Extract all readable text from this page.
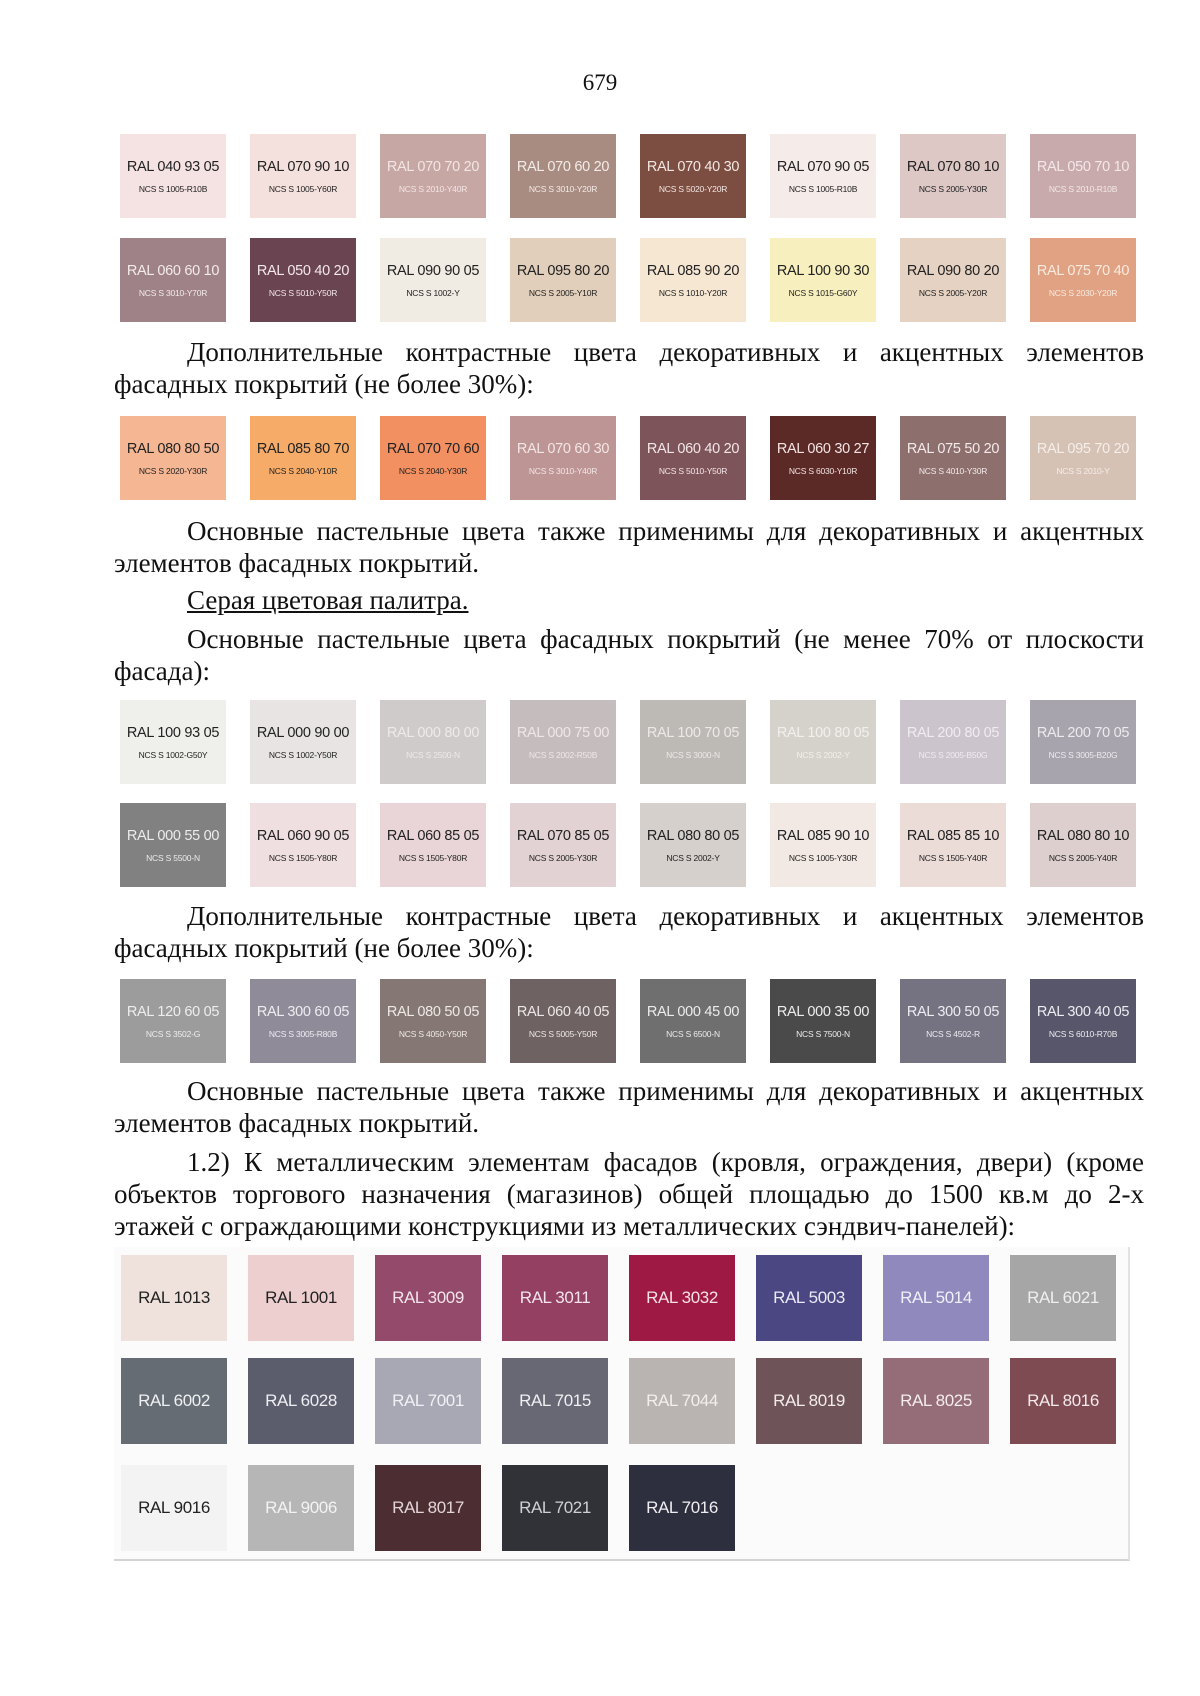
679
RAL 040 93 05
NCS S 1005-R10B
RAL 070 90 10
NCS S 1005-Y60R
RAL 070 70 20
NCS S 2010-Y40R
RAL 070 60 20
NCS S 3010-Y20R
RAL 070 40 30
NCS S 5020-Y20R
RAL 070 90 05
NCS S 1005-R10B
RAL 070 80 10
NCS S 2005-Y30R
RAL 050 70 10
NCS S 2010-R10B
RAL 060 60 10
NCS S 3010-Y70R
RAL 050 40 20
NCS S 5010-Y50R
RAL 090 90 05
NCS S 1002-Y
RAL 095 80 20
NCS S 2005-Y10R
RAL 085 90 20
NCS S 1010-Y20R
RAL 100 90 30
NCS S 1015-G60Y
RAL 090 80 20
NCS S 2005-Y20R
RAL 075 70 40
NCS S 2030-Y20R
Дополнительные контрастные цвета декоративных и акцентных элементов
фасадных покрытий (не более 30%):
RAL 080 80 50
NCS S 2020-Y30R
RAL 085 80 70
NCS S 2040-Y10R
RAL 070 70 60
NCS S 2040-Y30R
RAL 070 60 30
NCS S 3010-Y40R
RAL 060 40 20
NCS S 5010-Y50R
RAL 060 30 27
NCS S 6030-Y10R
RAL 075 50 20
NCS S 4010-Y30R
RAL 095 70 20
NCS S 2010-Y
Основные пастельные цвета также применимы для декоративных и акцентных
элементов фасадных покрытий.
Серая цветовая палитра.
Основные пастельные цвета фасадных покрытий (не менее 70% от плоскости
фасада):
RAL 100 93 05
NCS S 1002-G50Y
RAL 000 90 00
NCS S 1002-Y50R
RAL 000 80 00
NCS S 2500-N
RAL 000 75 00
NCS S 2002-R50B
RAL 100 70 05
NCS S 3000-N
RAL 100 80 05
NCS S 2002-Y
RAL 200 80 05
NCS S 2005-B50G
RAL 200 70 05
NCS S 3005-B20G
RAL 000 55 00
NCS S 5500-N
RAL 060 90 05
NCS S 1505-Y80R
RAL 060 85 05
NCS S 1505-Y80R
RAL 070 85 05
NCS S 2005-Y30R
RAL 080 80 05
NCS S 2002-Y
RAL 085 90 10
NCS S 1005-Y30R
RAL 085 85 10
NCS S 1505-Y40R
RAL 080 80 10
NCS S 2005-Y40R
Дополнительные контрастные цвета декоративных и акцентных элементов
фасадных покрытий (не более 30%):
RAL 120 60 05
NCS S 3502-G
RAL 300 60 05
NCS S 3005-R80B
RAL 080 50 05
NCS S 4050-Y50R
RAL 060 40 05
NCS S 5005-Y50R
RAL 000 45 00
NCS S 6500-N
RAL 000 35 00
NCS S 7500-N
RAL 300 50 05
NCS S 4502-R
RAL 300 40 05
NCS S 6010-R70B
Основные пастельные цвета также применимы для декоративных и акцентных
элементов фасадных покрытий.
1.2) К металлическим элементам фасадов (кровля, ограждения, двери) (кроме
объектов торгового назначения (магазинов) общей площадью до 1500 кв.м до 2-х
этажей с ограждающими конструкциями из металлических сэндвич-панелей):
RAL 1013	RAL 1001	RAL 3009	RAL 3011	RAL 3032	RAL 5003	RAL 5014	RAL 6021
RAL 6002	RAL 6028	RAL 7001	RAL 7015	RAL 7044	RAL 8019	RAL 8025	RAL 8016
RAL 9016	RAL 9006	RAL 8017	RAL 7021	RAL 7016
